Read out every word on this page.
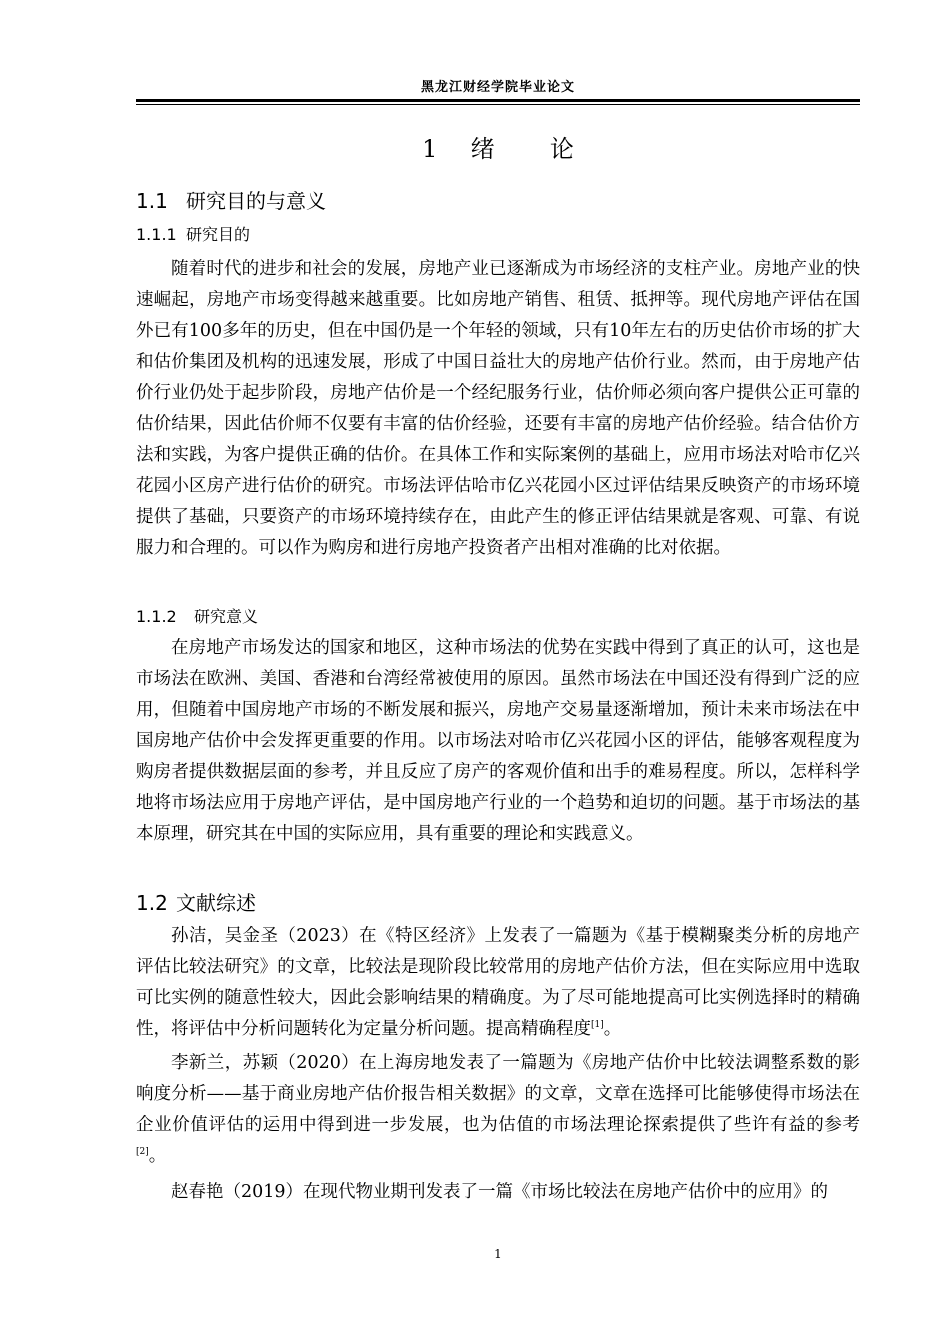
黑龙江财经学院毕业论文
1 绪 论
1.1 研究目的与意义
1.1.1 研究目的
随着时代的进步和社会的发展，房地产业已逐渐成为市场经济的支柱产业。房地产业的快速崛起，房地产市场变得越来越重要。比如房地产销售、租赁、抵押等。现代房地产评估在国外已有100多年的历史，但在中国仍是一个年轻的领域，只有10年左右的历史估价市场的扩大和估价集团及机构的迅速发展，形成了中国日益壮大的房地产估价行业。然而，由于房地产估价行业仍处于起步阶段，房地产估价是一个经纪服务行业，估价师必须向客户提供公正可靠的估价结果，因此估价师不仅要有丰富的估价经验，还要有丰富的房地产估价经验。结合估价方法和实践，为客户提供正确的估价。在具体工作和实际案例的基础上，应用市场法对哈市亿兴花园小区房产进行估价的研究。市场法评估哈市亿兴花园小区过评估结果反映资产的市场环境提供了基础，只要资产的市场环境持续存在，由此产生的修正评估结果就是客观、可靠、有说服力和合理的。可以作为购房和进行房地产投资者产出相对准确的比对依据。
1.1.2 研究意义
在房地产市场发达的国家和地区，这种市场法的优势在实践中得到了真正的认可，这也是市场法在欧洲、美国、香港和台湾经常被使用的原因。虽然市场法在中国还没有得到广泛的应用，但随着中国房地产市场的不断发展和振兴，房地产交易量逐渐增加，预计未来市场法在中国房地产估价中会发挥更重要的作用。以市场法对哈市亿兴花园小区的评估，能够客观程度为购房者提供数据层面的参考，并且反应了房产的客观价值和出手的难易程度。所以，怎样科学地将市场法应用于房地产评估，是中国房地产行业的一个趋势和迫切的问题。基于市场法的基本原理，研究其在中国的实际应用，具有重要的理论和实践意义。
1.2 文献综述
孙洁，吴金圣（2023）在《特区经济》上发表了一篇题为《基于模糊聚类分析的房地产评估比较法研究》的文章，比较法是现阶段比较常用的房地产估价方法，但在实际应用中选取可比实例的随意性较大，因此会影响结果的精确度。为了尽可能地提高可比实例选择时的精确性，将评估中分析问题转化为定量分析问题。提高精确程度[1]。
李新兰，苏颖（2020）在上海房地发表了一篇题为《房地产估价中比较法调整系数的影响度分析——基于商业房地产估价报告相关数据》的文章，文章在选择可比能够使得市场法在企业价值评估的运用中得到进一步发展，也为估值的市场法理论探索提供了些许有益的参考[2]。
赵春艳（2019）在现代物业期刊发表了一篇《市场比较法在房地产估价中的应用》的
1
